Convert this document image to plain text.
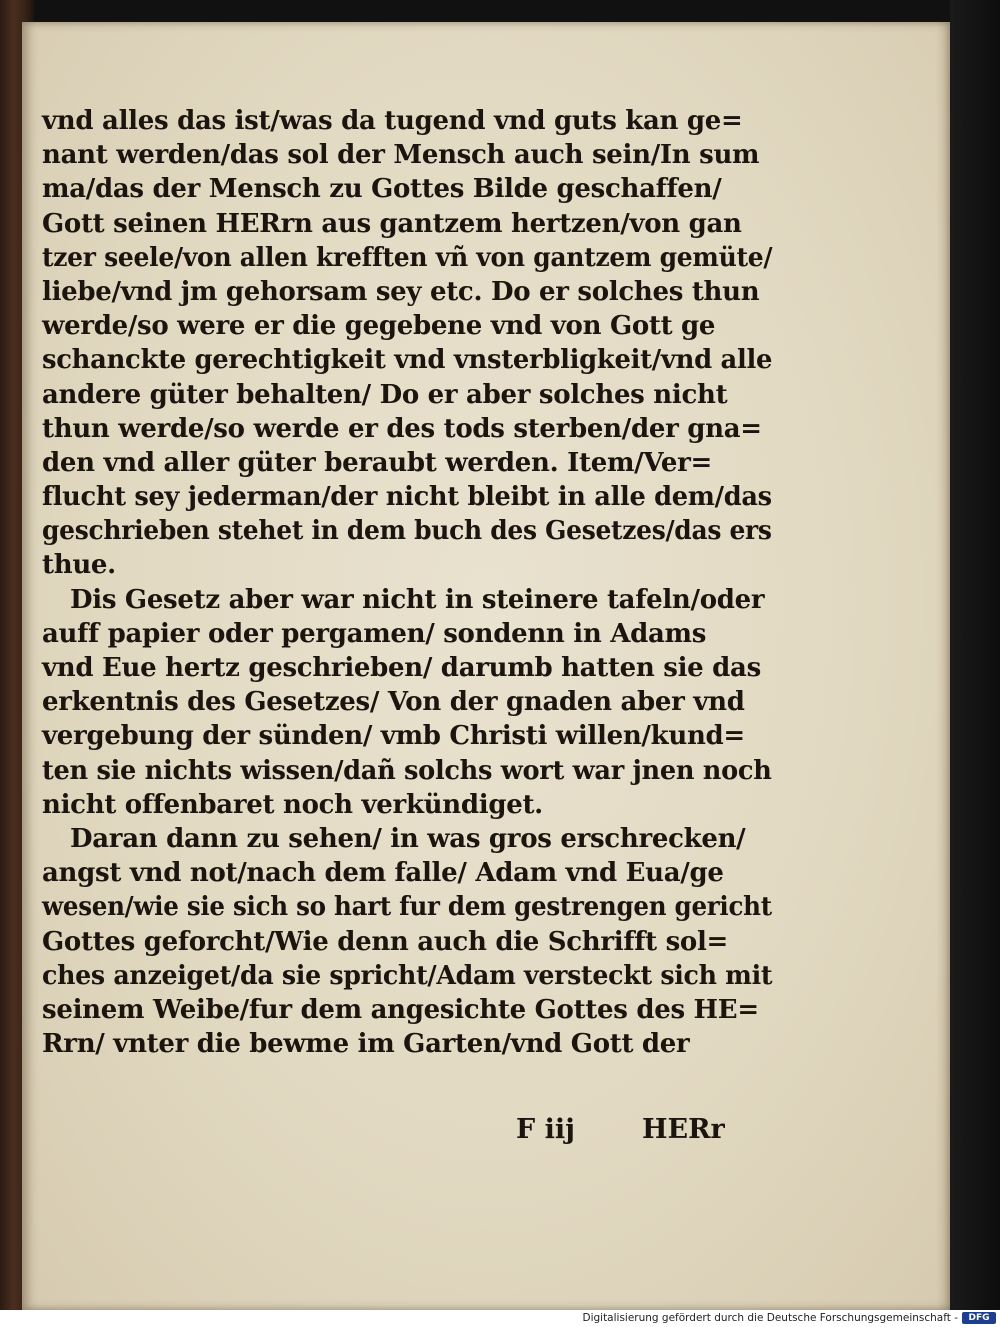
vnd alles das ist/was da tugend vnd guts kan ge=
nant werden/das sol der Mensch auch sein/In sum
ma/das der Mensch zu Gottes Bilde geschaffen/
Gott seinen HERrn aus gantzem hertzen/von gan
tzer seele/von allen krefften vñ von gantzem gemüte/
liebe/vnd jm gehorsam sey etc. Do er solches thun
werde/so were er die gegebene vnd von Gott ge
schanckte gerechtigkeit vnd vnsterbligkeit/vnd alle
andere güter behalten/ Do er aber solches nicht
thun werde/so werde er des tods sterben/der gna=
den vnd aller güter beraubt werden. Item/Ver=
flucht sey jederman/der nicht bleibt in alle dem/das
geschrieben stehet in dem buch des Gesetzes/das ers
thue.
Dis Gesetz aber war nicht in steinere tafeln/oder
auff papier oder pergamen/ sondenn in Adams
vnd Eue hertz geschrieben/ darumb hatten sie das
erkentnis des Gesetzes/ Von der gnaden aber vnd
vergebung der sünden/ vmb Christi willen/kund=
ten sie nichts wissen/dañ solchs wort war jnen noch
nicht offenbaret noch verkündiget.
Daran dann zu sehen/ in was gros erschrecken/
angst vnd not/nach dem falle/ Adam vnd Eua/ge
wesen/wie sie sich so hart fur dem gestrengen gericht
Gottes geforcht/Wie denn auch die Schrifft sol=
ches anzeiget/da sie spricht/Adam versteckt sich mit
seinem Weibe/fur dem angesichte Gottes des HE=
Rrn/ vnter die bewme im Garten/vnd Gott der
F iij HERr
Digitalisierung gefördert durch die Deutsche Forschungsgemeinschaft -	DFG
